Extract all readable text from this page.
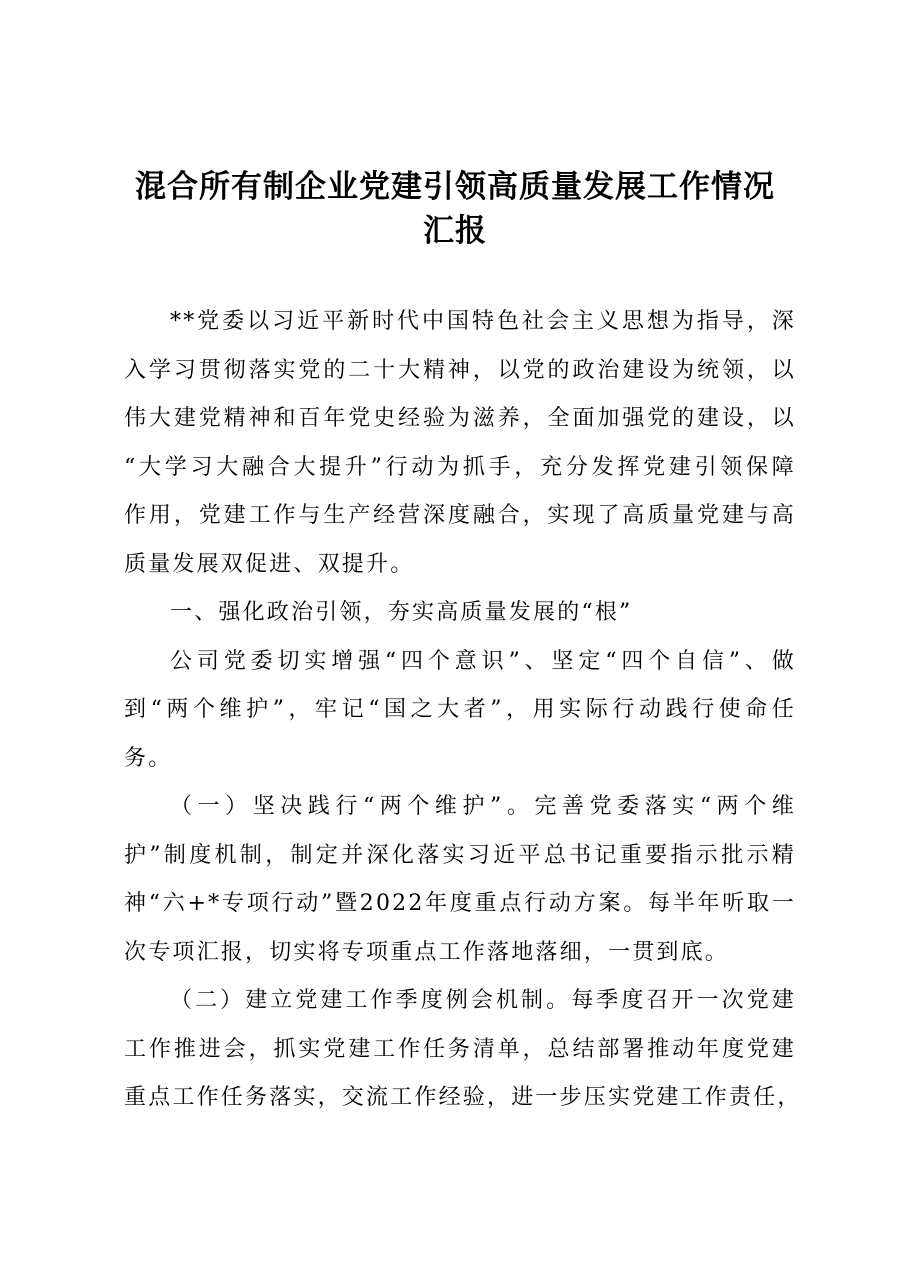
混合所有制企业党建引领高质量发展工作情况
汇报

**党委以习近平新时代中国特色社会主义思想为指导，深
入学习贯彻落实党的二十大精神，以党的政治建设为统领，以
伟大建党精神和百年党史经验为滋养，全面加强党的建设，以
“大学习大融合大提升”行动为抓手，充分发挥党建引领保障
作用，党建工作与生产经营深度融合，实现了高质量党建与高
质量发展双促进、双提升。

一、强化政治引领，夯实高质量发展的“根”

公司党委切实增强“四个意识”、坚定“四个自信”、做
到“两个维护”，牢记“国之大者”，用实际行动践行使命任
务。

（一）坚决践行“两个维护”。完善党委落实“两个维
护”制度机制，制定并深化落实习近平总书记重要指示批示精
神“六+*专项行动”暨2022年度重点行动方案。每半年听取一
次专项汇报，切实将专项重点工作落地落细，一贯到底。

（二）建立党建工作季度例会机制。每季度召开一次党建
工作推进会，抓实党建工作任务清单，总结部署推动年度党建
重点工作任务落实，交流工作经验，进一步压实党建工作责任，
